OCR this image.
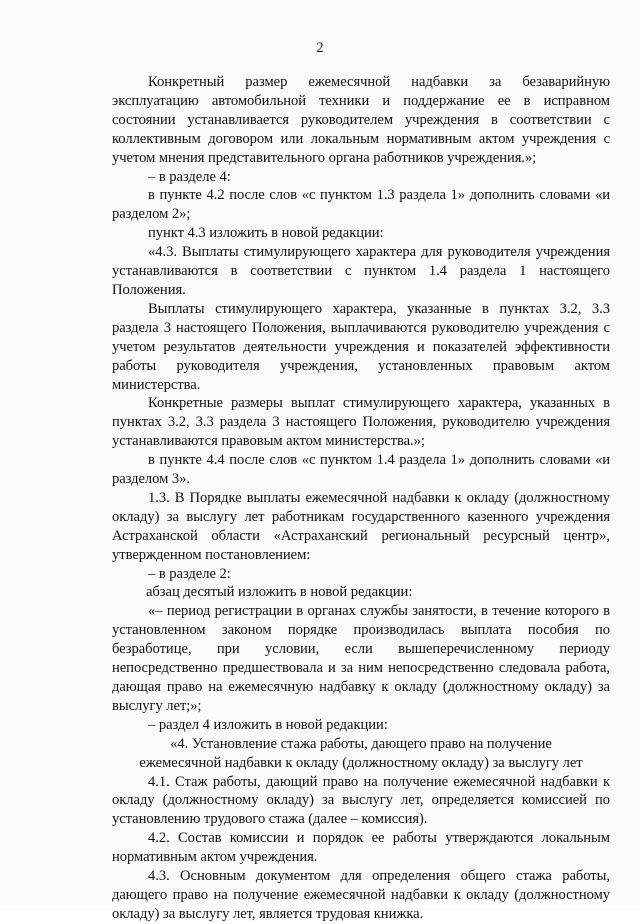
2

Конкретный размер ежемесячной надбавки за безаварийную эксплуатацию автомобильной техники и поддержание ее в исправном состоянии устанавливается руководителем учреждения в соответствии с коллективным договором или локальным нормативным актом учреждения с учетом мнения представительного органа работников учреждения.»;

– в разделе 4:

в пункте 4.2 после слов «с пунктом 1.3 раздела 1» дополнить словами «и разделом 2»;

пункт 4.3 изложить в новой редакции:

«4.3. Выплаты стимулирующего характера для руководителя учреждения устанавливаются в соответствии с пунктом 1.4 раздела 1 настоящего Положения.

Выплаты стимулирующего характера, указанные в пунктах 3.2, 3.3 раздела 3 настоящего Положения, выплачиваются руководителю учреждения с учетом результатов деятельности учреждения и показателей эффективности работы руководителя учреждения, установленных правовым актом министерства.

Конкретные размеры выплат стимулирующего характера, указанных в пунктах 3.2, 3.3 раздела 3 настоящего Положения, руководителю учреждения устанавливаются правовым актом министерства.»;

в пункте 4.4 после слов «с пунктом 1.4 раздела 1» дополнить словами «и разделом 3».

1.3. В Порядке выплаты ежемесячной надбавки к окладу (должностному окладу) за выслугу лет работникам государственного казенного учреждения Астраханской области «Астраханский региональный ресурсный центр», утвержденном постановлением:

– в разделе 2:

абзац десятый изложить в новой редакции:

«– период регистрации в органах службы занятости, в течение которого в установленном законом порядке производилась выплата пособия по безработице, при условии, если вышеперечисленному периоду непосредственно предшествовала и за ним непосредственно следовала работа, дающая право на ежемесячную надбавку к окладу (должностному окладу) за выслугу лет;»;

– раздел 4 изложить в новой редакции:

«4. Установление стажа работы, дающего право на получение
ежемесячной надбавки к окладу (должностному окладу) за выслугу лет

4.1. Стаж работы, дающий право на получение ежемесячной надбавки к окладу (должностному окладу) за выслугу лет, определяется комиссией по установлению трудового стажа (далее – комиссия).

4.2. Состав комиссии и порядок ее работы утверждаются локальным нормативным актом учреждения.

4.3. Основным документом для определения общего стажа работы, дающего право на получение ежемесячной надбавки к окладу (должностному окладу) за выслугу лет, является трудовая книжка.
